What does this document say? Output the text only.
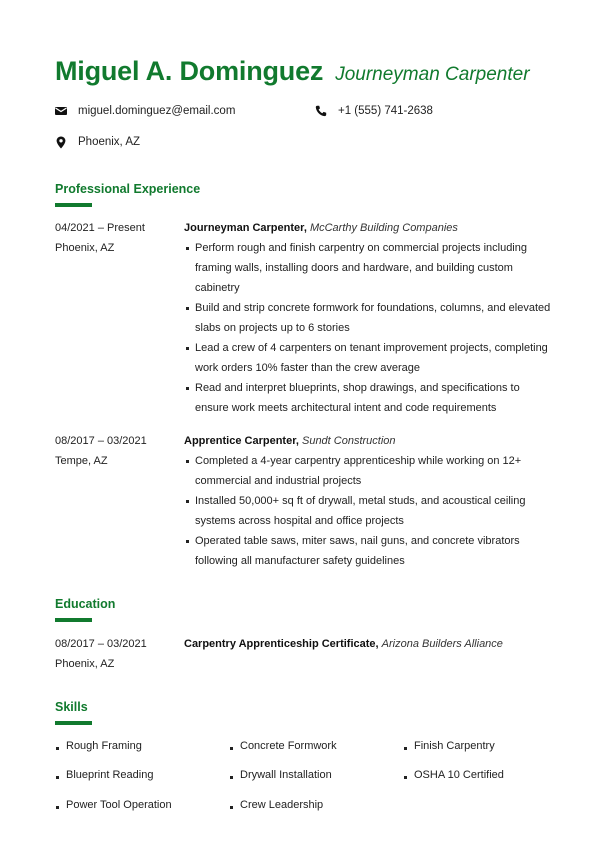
Miguel A. Dominguez Journeyman Carpenter
miguel.dominguez@email.com	+1 (555) 741-2638
Phoenix, AZ
Professional Experience
04/2021 – Present
Phoenix, AZ
Journeyman Carpenter, McCarthy Building Companies
Perform rough and finish carpentry on commercial projects including framing walls, installing doors and hardware, and building custom cabinetry
Build and strip concrete formwork for foundations, columns, and elevated slabs on projects up to 6 stories
Lead a crew of 4 carpenters on tenant improvement projects, completing work orders 10% faster than the crew average
Read and interpret blueprints, shop drawings, and specifications to ensure work meets architectural intent and code requirements
08/2017 – 03/2021
Tempe, AZ
Apprentice Carpenter, Sundt Construction
Completed a 4-year carpentry apprenticeship while working on 12+ commercial and industrial projects
Installed 50,000+ sq ft of drywall, metal studs, and acoustical ceiling systems across hospital and office projects
Operated table saws, miter saws, nail guns, and concrete vibrators following all manufacturer safety guidelines
Education
08/2017 – 03/2021
Phoenix, AZ
Carpentry Apprenticeship Certificate, Arizona Builders Alliance
Skills
Rough Framing	Concrete Formwork	Finish Carpentry
Blueprint Reading	Drywall Installation	OSHA 10 Certified
Power Tool Operation	Crew Leadership
